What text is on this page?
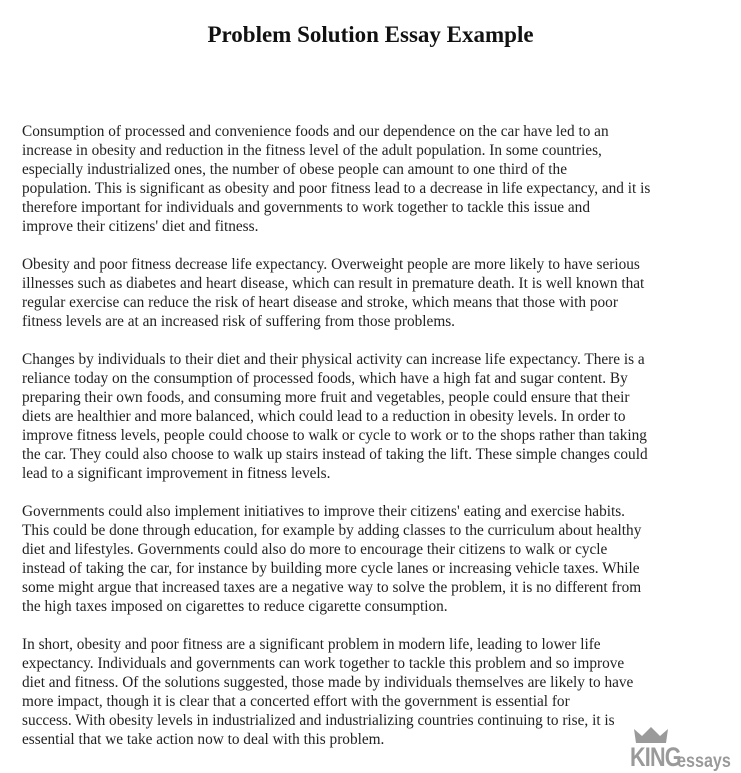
Problem Solution Essay Example

Consumption of processed and convenience foods and our dependence on the car have led to an
increase in obesity and reduction in the fitness level of the adult population. In some countries,
especially industrialized ones, the number of obese people can amount to one third of the
population. This is significant as obesity and poor fitness lead to a decrease in life expectancy, and it is
therefore important for individuals and governments to work together to tackle this issue and
improve their citizens' diet and fitness.

Obesity and poor fitness decrease life expectancy. Overweight people are more likely to have serious
illnesses such as diabetes and heart disease, which can result in premature death. It is well known that
regular exercise can reduce the risk of heart disease and stroke, which means that those with poor
fitness levels are at an increased risk of suffering from those problems.

Changes by individuals to their diet and their physical activity can increase life expectancy. There is a
reliance today on the consumption of processed foods, which have a high fat and sugar content. By
preparing their own foods, and consuming more fruit and vegetables, people could ensure that their
diets are healthier and more balanced, which could lead to a reduction in obesity levels. In order to
improve fitness levels, people could choose to walk or cycle to work or to the shops rather than taking
the car. They could also choose to walk up stairs instead of taking the lift. These simple changes could
lead to a significant improvement in fitness levels.

Governments could also implement initiatives to improve their citizens' eating and exercise habits.
This could be done through education, for example by adding classes to the curriculum about healthy
diet and lifestyles. Governments could also do more to encourage their citizens to walk or cycle
instead of taking the car, for instance by building more cycle lanes or increasing vehicle taxes. While
some might argue that increased taxes are a negative way to solve the problem, it is no different from
the high taxes imposed on cigarettes to reduce cigarette consumption.

In short, obesity and poor fitness are a significant problem in modern life, leading to lower life
expectancy. Individuals and governments can work together to tackle this problem and so improve
diet and fitness. Of the solutions suggested, those made by individuals themselves are likely to have
more impact, though it is clear that a concerted effort with the government is essential for
success. With obesity levels in industrialized and industrializing countries continuing to rise, it is
essential that we take action now to deal with this problem.

KING
essays
